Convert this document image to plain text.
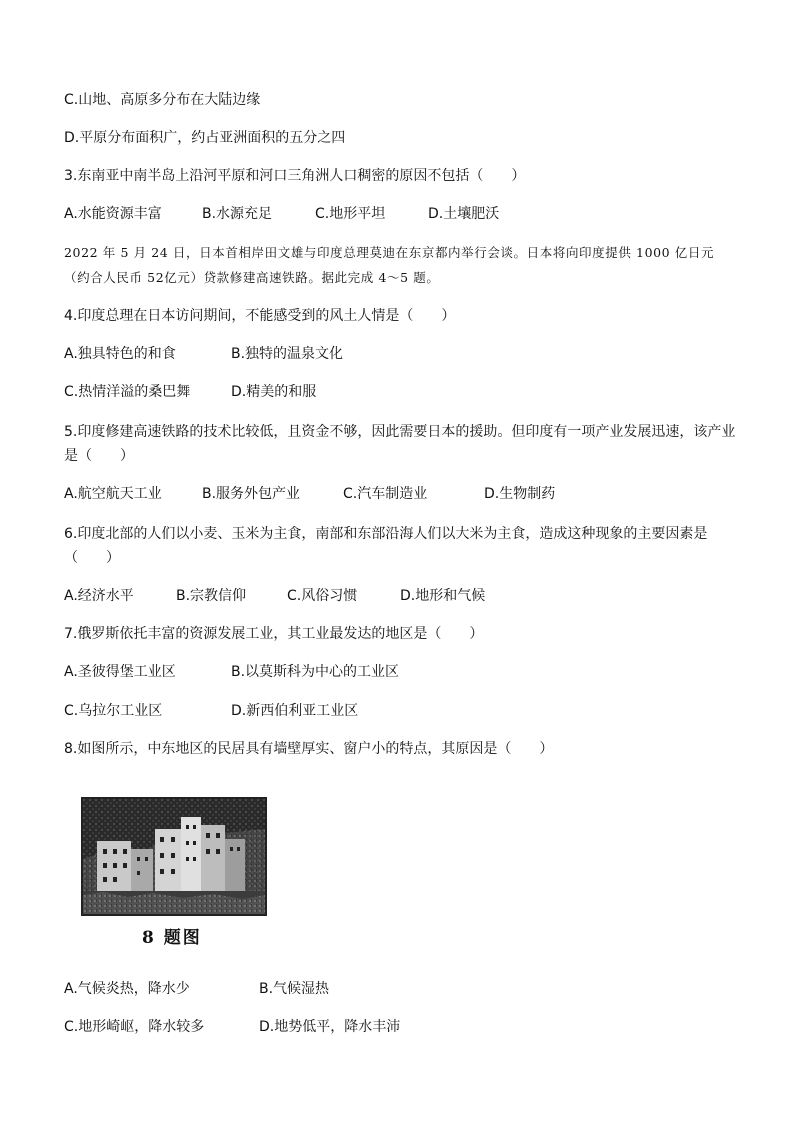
C.山地、高原多分布在大陆边缘
D.平原分布面积广，约占亚洲面积的五分之四
3.东南亚中南半岛上沿河平原和河口三角洲人口稠密的原因不包括（　　）
A.水能资源丰富	B.水源充足	C.地形平坦	D.土壤肥沃
2022 年 5 月 24 日，日本首相岸田文雄与印度总理莫迪在东京都内举行会谈。日本将向印度提供 1000 亿日元
（约合人民币 52亿元）贷款修建高速铁路。据此完成 4～5 题。
4.印度总理在日本访问期间，不能感受到的风土人情是（　　）
A.独具特色的和食	B.独特的温泉文化
C.热情洋溢的桑巴舞	D.精美的和服
5.印度修建高速铁路的技术比较低，且资金不够，因此需要日本的援助。但印度有一项产业发展迅速，该产业
是（　　）
A.航空航天工业	B.服务外包产业	C.汽车制造业	D.生物制药
6.印度北部的人们以小麦、玉米为主食，南部和东部沿海人们以大米为主食，造成这种现象的主要因素是
（　　）
A.经济水平	B.宗教信仰	C.风俗习惯	D.地形和气候
7.俄罗斯依托丰富的资源发展工业，其工业最发达的地区是（　　）
A.圣彼得堡工业区	B.以莫斯科为中心的工业区
C.乌拉尔工业区	D.新西伯利亚工业区
8.如图所示，中东地区的民居具有墙壁厚实、窗户小的特点，其原因是（　　）
8 题图
A.气候炎热，降水少	B.气候湿热
C.地形崎岖，降水较多	D.地势低平，降水丰沛
